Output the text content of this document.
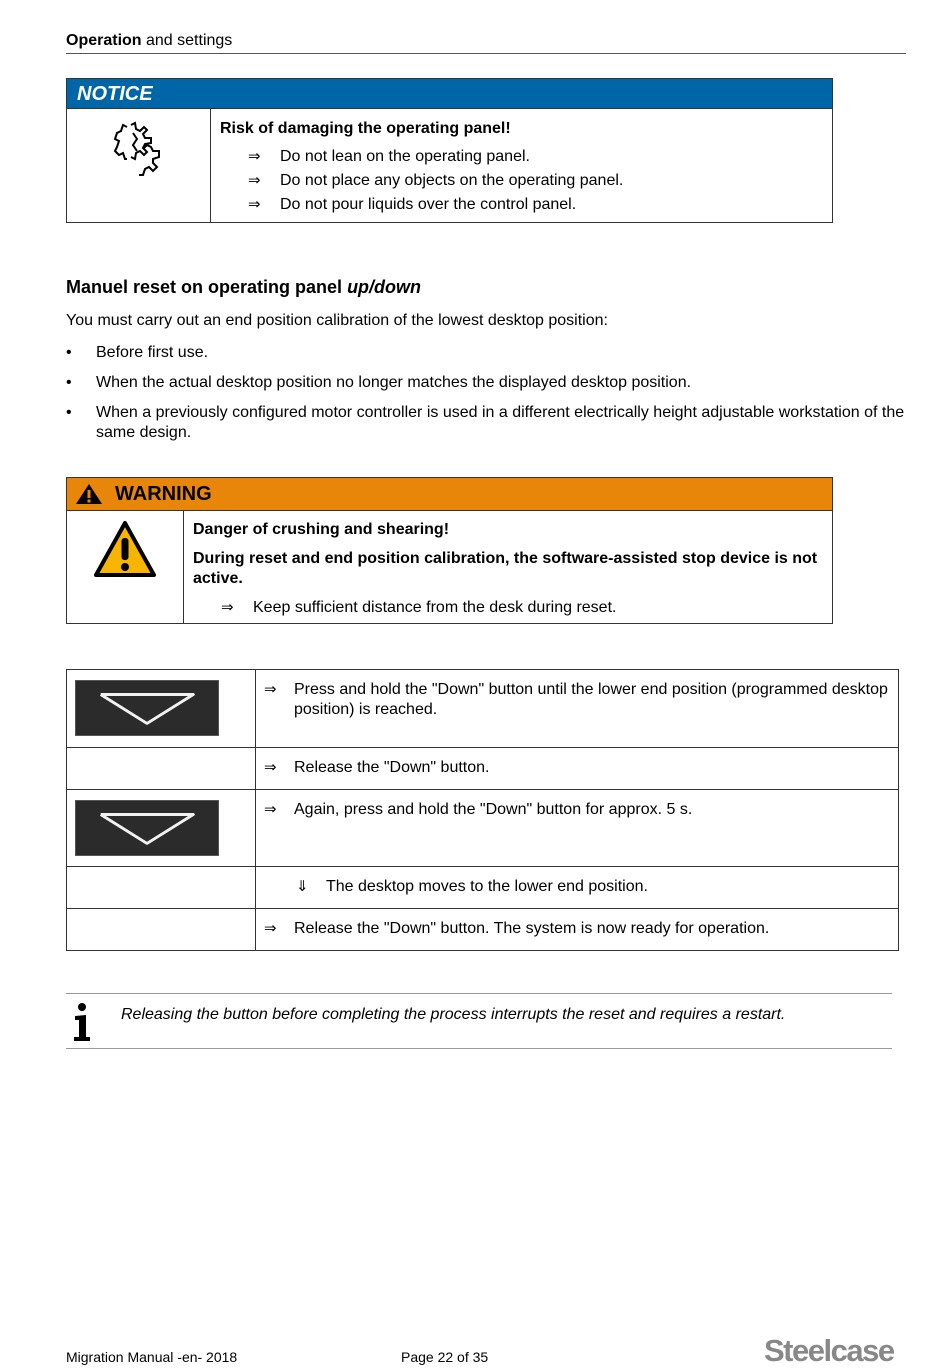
Operation and settings
NOTICE
Risk of damaging the operating panel!
⇒ Do not lean on the operating panel.
⇒ Do not place any objects on the operating panel.
⇒ Do not pour liquids over the control panel.
Manuel reset on operating panel up/down
You must carry out an end position calibration of the lowest desktop position:
• Before first use.
• When the actual desktop position no longer matches the displayed desktop position.
• When a previously configured motor controller is used in a different electrically height adjustable workstation of the same design.
WARNING
Danger of crushing and shearing!
During reset and end position calibration, the software-assisted stop device is not active.
⇒ Keep sufficient distance from the desk during reset.

⇒ Press and hold the "Down" button until the lower end position (programmed desktop position) is reached.

	⇒ Release the "Down" button.

⇒ Again, press and hold the "Down" button for approx. 5 s.

	⇓ The desktop moves to the lower end position.

	⇒ Release the "Down" button. The system is now ready for operation.
Releasing the button before completing the process interrupts the reset and requires a restart.
Migration Manual -en- 2018	Page 22 of 35	Steelcase
